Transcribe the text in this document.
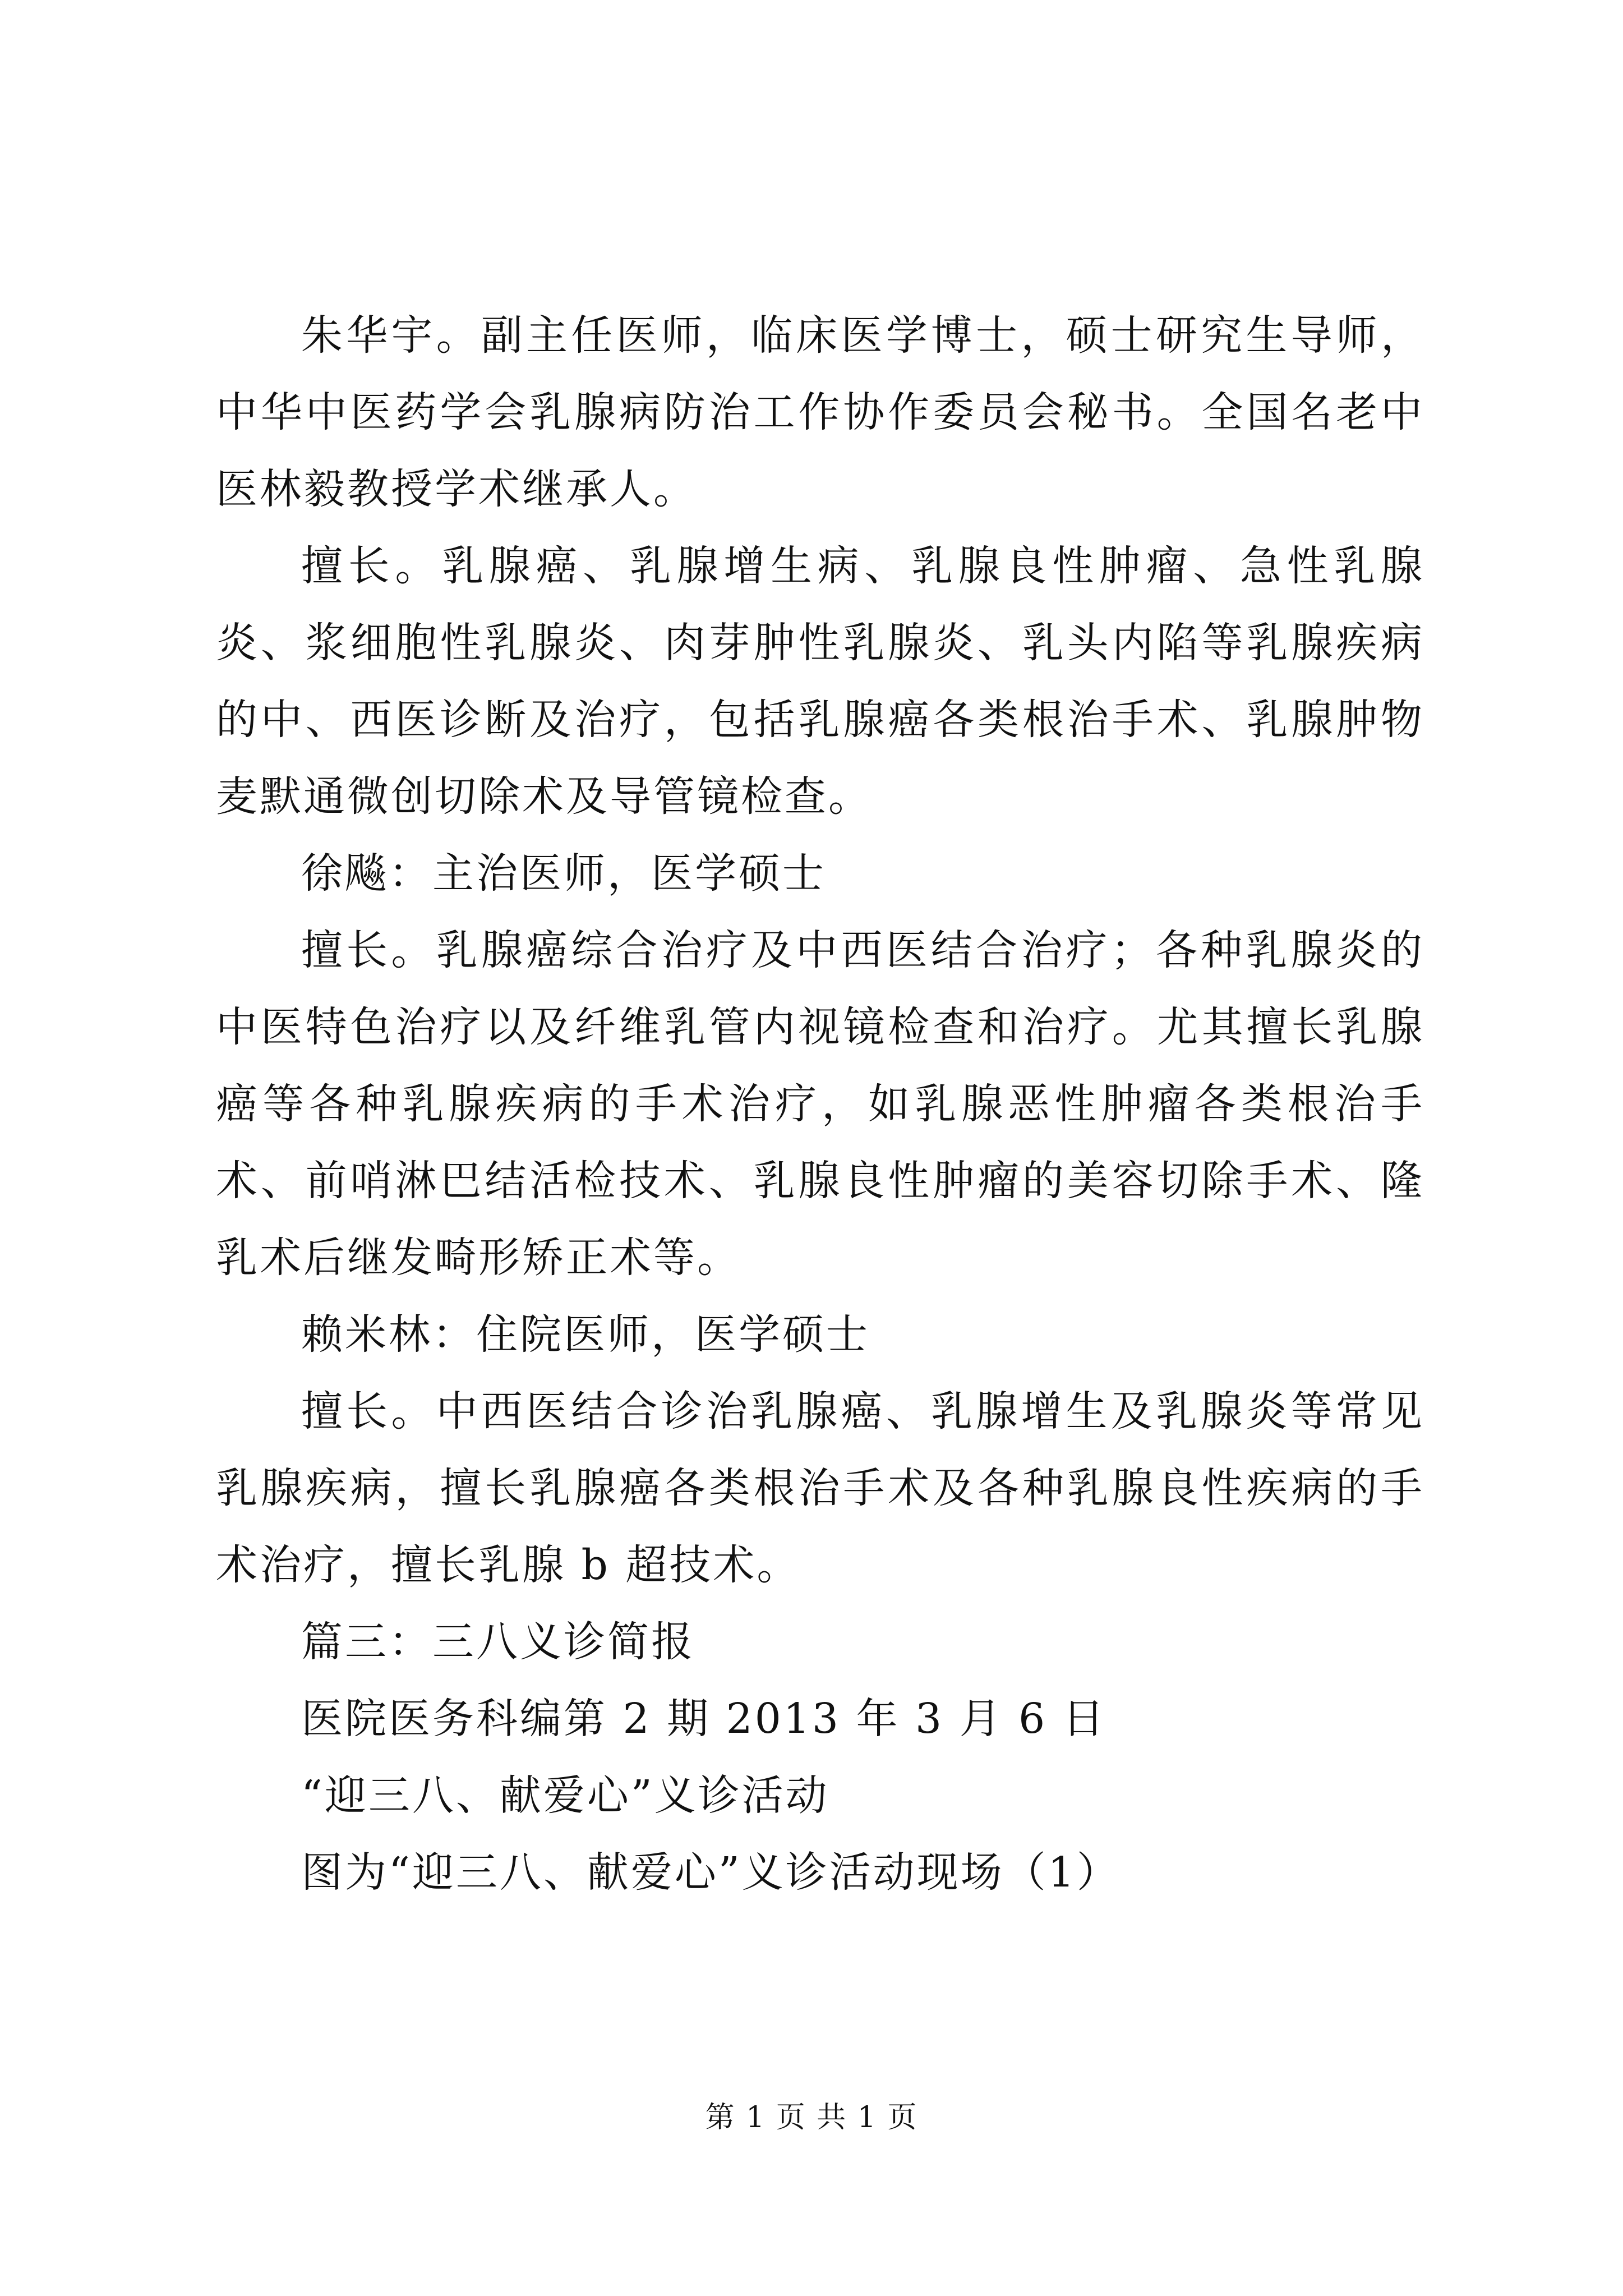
朱华宇。副主任医师，临床医学博士，硕士研究生导师，中华中医药学会乳腺病防治工作协作委员会秘书。全国名老中医林毅教授学术继承人。

擅长。乳腺癌、乳腺增生病、乳腺良性肿瘤、急性乳腺炎、浆细胞性乳腺炎、肉芽肿性乳腺炎、乳头内陷等乳腺疾病的中、西医诊断及治疗，包括乳腺癌各类根治手术、乳腺肿物麦默通微创切除术及导管镜检查。

徐飚：主治医师，医学硕士

擅长。乳腺癌综合治疗及中西医结合治疗；各种乳腺炎的中医特色治疗以及纤维乳管内视镜检查和治疗。尤其擅长乳腺癌等各种乳腺疾病的手术治疗，如乳腺恶性肿瘤各类根治手术、前哨淋巴结活检技术、乳腺良性肿瘤的美容切除手术、隆乳术后继发畸形矫正术等。

赖米林：住院医师，医学硕士

擅长。中西医结合诊治乳腺癌、乳腺增生及乳腺炎等常见乳腺疾病，擅长乳腺癌各类根治手术及各种乳腺良性疾病的手术治疗，擅长乳腺 b 超技术。

篇三：三八义诊简报

医院医务科编第 2 期 2013 年 3 月 6 日

“迎三八、献爱心”义诊活动

图为“迎三八、献爱心”义诊活动现场（1）

第 1 页 共 1 页
